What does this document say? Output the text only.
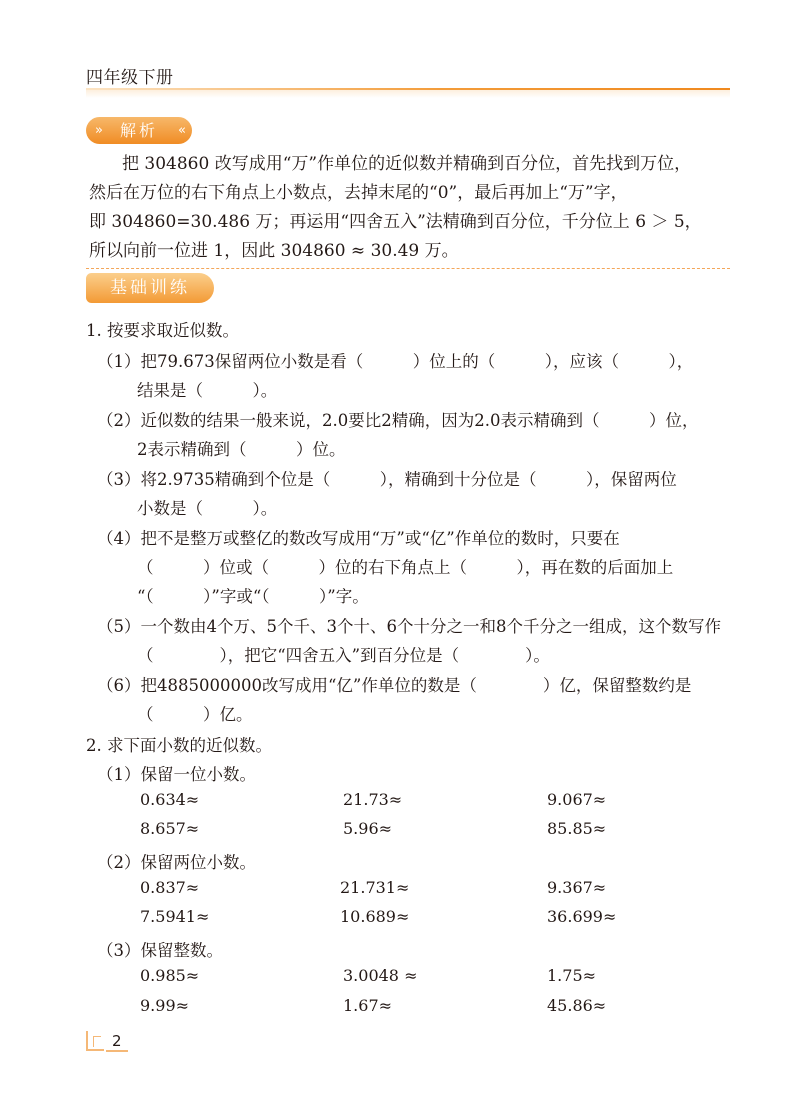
四年级下册
» 解析 «
把 304860 改写成用“万”作单位的近似数并精确到百分位，首先找到万位，
然后在万位的右下角点上小数点，去掉末尾的“0”，最后再加上“万”字，
即 304860=30.486 万；再运用“四舍五入”法精确到百分位，千分位上 6 ＞ 5，
所以向前一位进 1，因此 304860 ≈ 30.49 万。
基础训练
1. 按要求取近似数。
（1）把79.673保留两位小数是看（　　　）位上的（　　　），应该（　　　），
结果是（　　　）。
（2）近似数的结果一般来说，2.0要比2精确，因为2.0表示精确到（　　　）位，
2表示精确到（　　　）位。
（3）将2.9735精确到个位是（　　　），精确到十分位是（　　　），保留两位
小数是（　　　）。
（4）把不是整万或整亿的数改写成用“万”或“亿”作单位的数时，只要在
（　　　）位或（　　　）位的右下角点上（　　　），再在数的后面加上
“（　　　）”字或“（　　　）”字。
（5）一个数由4个万、5个千、3个十、6个十分之一和8个千分之一组成，这个数写作
（　　　　），把它“四舍五入”到百分位是（　　　　）。
（6）把4885000000改写成用“亿”作单位的数是（　　　　）亿，保留整数约是
（　　　）亿。
2. 求下面小数的近似数。
（1）保留一位小数。
0.634≈	21.73≈	9.067≈
8.657≈	5.96≈	85.85≈
（2）保留两位小数。
0.837≈	21.731≈	9.367≈
7.5941≈	10.689≈	36.699≈
（3）保留整数。
0.985≈	3.0048 ≈	1.75≈
9.99≈	1.67≈	45.86≈
2
